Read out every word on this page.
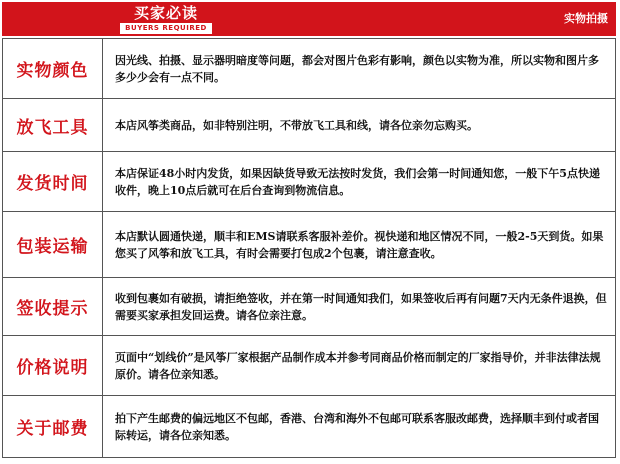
买家必读
BUYERS REQUIRED
实物拍摄
实物颜色
因光线、拍摄、显示器明暗度等问题，都会对图片色彩有影响，颜色以实物为准，所以实物和图片多多少少会有一点不同。
放飞工具	本店风筝类商品，如非特别注明，不带放飞工具和线，请各位亲勿忘购买。
发货时间
本店保证48小时内发货，如果因缺货导致无法按时发货，我们会第一时间通知您，一般下午5点快递收件，晚上10点后就可在后台查询到物流信息。
包装运输
本店默认圆通快递，顺丰和EMS请联系客服补差价。视快递和地区情况不同，一般2-5天到货。如果您买了风筝和放飞工具，有时会需要打包成2个包裹，请注意查收。
签收提示
收到包裹如有破损，请拒绝签收，并在第一时间通知我们，如果签收后再有问题7天内无条件退换，但需要买家承担发回运费。请各位亲注意。
价格说明
页面中“划线价”是风筝厂家根据产品制作成本并参考同商品价格而制定的厂家指导价，并非法律法规原价。请各位亲知悉。
关于邮费
拍下产生邮费的偏远地区不包邮，香港、台湾和海外不包邮可联系客服改邮费，选择顺丰到付或者国际转运，请各位亲知悉。
